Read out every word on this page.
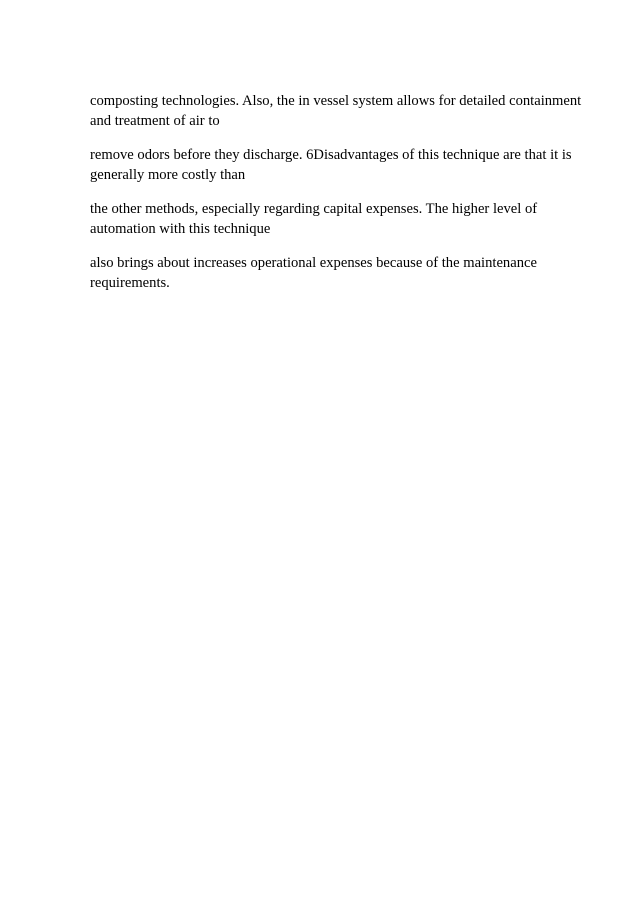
composting technologies. Also, the in vessel system allows for detailed containment and treatment of air to

remove odors before they discharge. 6Disadvantages of this technique are that it is generally more costly than

the other methods, especially regarding capital expenses. The higher level of automation with this technique

also brings about increases operational expenses because of the maintenance requirements.
